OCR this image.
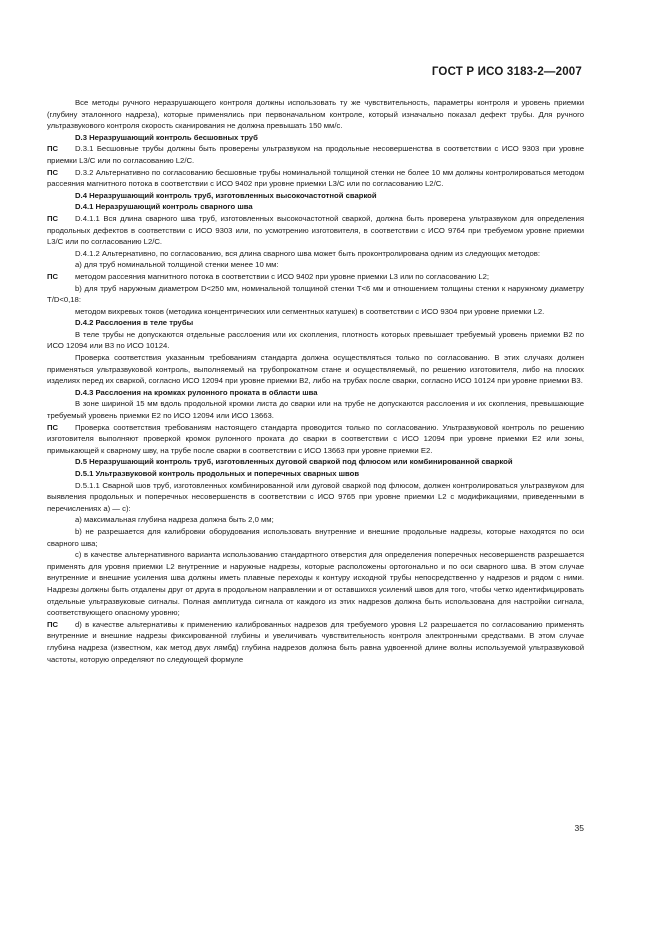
ГОСТ Р ИСО 3183-2—2007

Все методы ручного неразрушающего контроля должны использовать ту же чувствительность, параметры контроля и уровень приемки (глубину эталонного надреза), которые применялись при первоначальном контроле, который изначально показал дефект трубы. Для ручного ультразвукового контроля скорость сканирования не должна превышать 150 мм/с.

D.3 Неразрушающий контроль бесшовных труб

ПС D.3.1 Бесшовные трубы должны быть проверены ультразвуком на продольные несовершенства в соответствии с ИСО 9303 при уровне приемки L3/C или по согласованию L2/C.

ПС D.3.2 Альтернативно по согласованию бесшовные трубы номинальной толщиной стенки не более 10 мм должны контролироваться методом рассеяния магнитного потока в соответствии с ИСО 9402 при уровне приемки L3/C или по согласованию L2/C.

D.4 Неразрушающий контроль труб, изготовленных высокочастотной сваркой

D.4.1 Неразрушающий контроль сварного шва

ПС D.4.1.1 Вся длина сварного шва труб, изготовленных высокочастотной сваркой, должна быть проверена ультразвуком для определения продольных дефектов в соответствии с ИСО 9303 или, по усмотрению изготовителя, в соответствии с ИСО 9764 при требуемом уровне приемки L3/C или по согласованию L2/C.

D.4.1.2 Альтернативно, по согласованию, вся длина сварного шва может быть проконтролирована одним из следующих методов:

а) для труб номинальной толщиной стенки менее 10 мм:

ПС методом рассеяния магнитного потока в соответствии с ИСО 9402 при уровне приемки L3 или по согласованию L2;

b) для труб наружным диаметром D<250 мм, номинальной толщиной стенки T<6 мм и отношением толщины стенки к наружному диаметру T/D<0,18:

методом вихревых токов (методика концентрических или сегментных катушек) в соответствии с ИСО 9304 при уровне приемки L2.

D.4.2 Расслоения в теле трубы

В теле трубы не допускаются отдельные расслоения или их скопления, плотность которых превышает требуемый уровень приемки B2 по ИСО 12094 или B3 по ИСО 10124.

Проверка соответствия указанным требованиям стандарта должна осуществляться только по согласованию. В этих случаях должен применяться ультразвуковой контроль, выполняемый на трубопрокатном стане и осуществляемый, по решению изготовителя, либо на плоских изделиях перед их сваркой, согласно ИСО 12094 при уровне приемки B2, либо на трубах после сварки, согласно ИСО 10124 при уровне приемки B3.

D.4.3 Расслоения на кромках рулонного проката в области шва

В зоне шириной 15 мм вдоль продольной кромки листа до сварки или на трубе не допускаются расслоения и их скопления, превышающие требуемый уровень приемки E2 по ИСО 12094 или ИСО 13663.

ПС Проверка соответствия требованиям настоящего стандарта проводится только по согласованию. Ультразвуковой контроль по решению изготовителя выполняют проверкой кромок рулонного проката до сварки в соответствии с ИСО 12094 при уровне приемки E2 или зоны, примыкающей к сварному шву, на трубе после сварки в соответствии с ИСО 13663 при уровне приемки E2.

D.5 Неразрушающий контроль труб, изготовленных дуговой сваркой под флюсом или комбинированной сваркой

D.5.1 Ультразвуковой контроль продольных и поперечных сварных швов

D.5.1.1 Сварной шов труб, изготовленных комбинированной или дуговой сваркой под флюсом, должен контролироваться ультразвуком для выявления продольных и поперечных несовершенств в соответствии с ИСО 9765 при уровне приемки L2 с модификациями, приведенными в перечислениях а) — с):

а) максимальная глубина надреза должна быть 2,0 мм;

b) не разрешается для калибровки оборудования использовать внутренние и внешние продольные надрезы, которые находятся по оси сварного шва;

с) в качестве альтернативного варианта использованию стандартного отверстия для определения поперечных несовершенств разрешается применять для уровня приемки L2 внутренние и наружные надрезы, которые расположены ортогонально и по оси сварного шва. В этом случае внутренние и внешние усиления шва должны иметь плавные переходы к контуру исходной трубы непосредственно у надрезов и рядом с ними. Надрезы должны быть отдалены друг от друга в продольном направлении и от оставшихся усилений швов для того, чтобы четко идентифицировать отдельные ультразвуковые сигналы. Полная амплитуда сигнала от каждого из этих надрезов должна быть использована для настройки сигнала, соответствующего опасному уровню;

ПС d) в качестве альтернативы к применению калиброванных надрезов для требуемого уровня L2 разрешается по согласованию применять внутренние и внешние надрезы фиксированной глубины и увеличивать чувствительность контроля электронными средствами. В этом случае глубина надреза (известном, как метод двух лямбд) глубина надрезов должна быть равна удвоенной длине волны используемой ультразвуковой частоты, которую определяют по следующей формуле

35
